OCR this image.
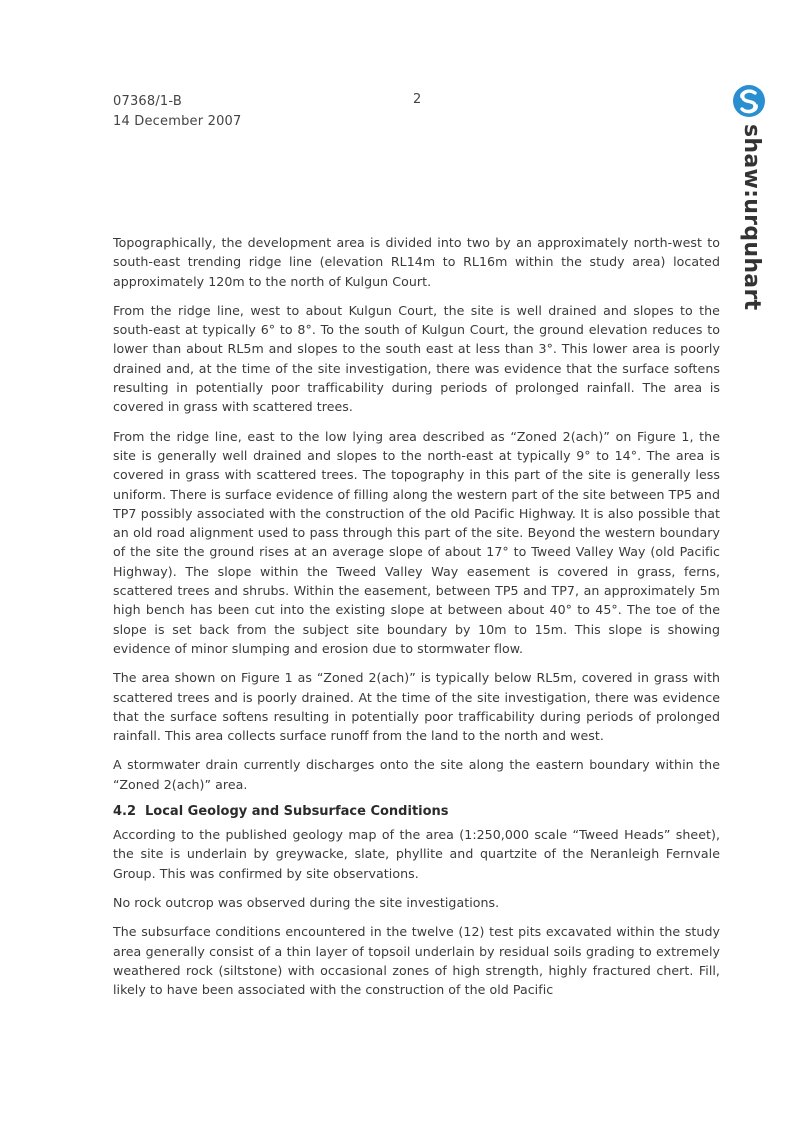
07368/1-B
14 December 2007
2
shaw:urquhart

Topographically, the development area is divided into two by an approximately north-west to south-east trending ridge line (elevation RL14m to RL16m within the study area) located approximately 120m to the north of Kulgun Court.

From the ridge line, west to about Kulgun Court, the site is well drained and slopes to the south-east at typically 6° to 8°. To the south of Kulgun Court, the ground elevation reduces to lower than about RL5m and slopes to the south east at less than 3°. This lower area is poorly drained and, at the time of the site investigation, there was evidence that the surface softens resulting in potentially poor trafficability during periods of prolonged rainfall. The area is covered in grass with scattered trees.

From the ridge line, east to the low lying area described as “Zoned 2(ach)” on Figure 1, the site is generally well drained and slopes to the north-east at typically 9° to 14°. The area is covered in grass with scattered trees. The topography in this part of the site is generally less uniform. There is surface evidence of filling along the western part of the site between TP5 and TP7 possibly associated with the construction of the old Pacific Highway. It is also possible that an old road alignment used to pass through this part of the site. Beyond the western boundary of the site the ground rises at an average slope of about 17° to Tweed Valley Way (old Pacific Highway). The slope within the Tweed Valley Way easement is covered in grass, ferns, scattered trees and shrubs. Within the easement, between TP5 and TP7, an approximately 5m high bench has been cut into the existing slope at between about 40° to 45°. The toe of the slope is set back from the subject site boundary by 10m to 15m. This slope is showing evidence of minor slumping and erosion due to stormwater flow.

The area shown on Figure 1 as “Zoned 2(ach)” is typically below RL5m, covered in grass with scattered trees and is poorly drained. At the time of the site investigation, there was evidence that the surface softens resulting in potentially poor trafficability during periods of prolonged rainfall. This area collects surface runoff from the land to the north and west.

A stormwater drain currently discharges onto the site along the eastern boundary within the “Zoned 2(ach)” area.

4.2 Local Geology and Subsurface Conditions

According to the published geology map of the area (1:250,000 scale “Tweed Heads” sheet), the site is underlain by greywacke, slate, phyllite and quartzite of the Neranleigh Fernvale Group. This was confirmed by site observations.

No rock outcrop was observed during the site investigations.

The subsurface conditions encountered in the twelve (12) test pits excavated within the study area generally consist of a thin layer of topsoil underlain by residual soils grading to extremely weathered rock (siltstone) with occasional zones of high strength, highly fractured chert. Fill, likely to have been associated with the construction of the old Pacific
